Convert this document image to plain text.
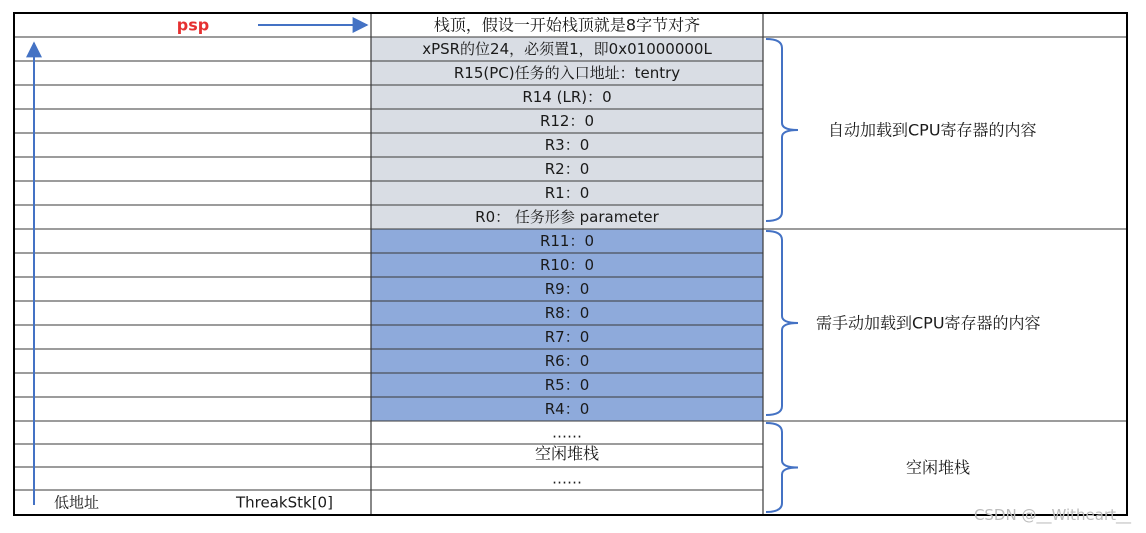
栈顶，假设一开始栈顶就是8字节对齐
xPSR的位24，必须置1，即0x01000000L
R15(PC)任务的入口地址：tentry
R14 (LR)：0
R12：0
R3：0
R2：0
R1：0
R0： 任务形参 parameter
R11：0
R10：0
R9：0
R8：0
R7：0
R6：0
R5：0
R4：0
……
空闲堆栈
……
psp
低地址	ThreakStk[0]
自动加载到CPU寄存器的内容
需手动加载到CPU寄存器的内容
空闲堆栈
CSDN @__Witheart__
